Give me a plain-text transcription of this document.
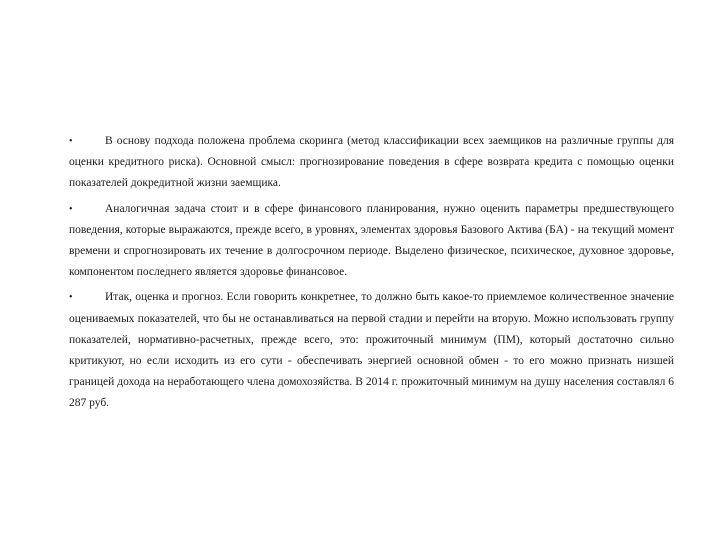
•	В основу подхода положена проблема скоринга (метод классификации всех заемщиков на различные группы для оценки кредитного риска). Основной смысл: прогнозирование поведения в сфере возврата кредита с помощью оценки показателей докредитной жизни заемщика.

•	Аналогичная задача стоит и в сфере финансового планирования, нужно оценить параметры предшествующего поведения, которые выражаются, прежде всего, в уровнях, элементах здоровья Базового Актива (БА) - на текущий момент времени и спрогнозировать их течение в долгосрочном периоде. Выделено физическое, психическое, духовное здоровье, компонентом последнего является здоровье финансовое.

•	Итак, оценка и прогноз. Если говорить конкретнее, то должно быть какое-то приемлемое количественное значение оцениваемых показателей, что бы не останавливаться на первой стадии и перейти на вторую. Можно использовать группу показателей, нормативно-расчетных, прежде всего, это: прожиточный минимум (ПМ), который достаточно сильно критикуют, но если исходить из его сути - обеспечивать энергией основной обмен - то его можно признать низшей границей дохода на неработающего члена домохозяйства. В 2014 г. прожиточный минимум на душу населения составлял 6 287 руб.
